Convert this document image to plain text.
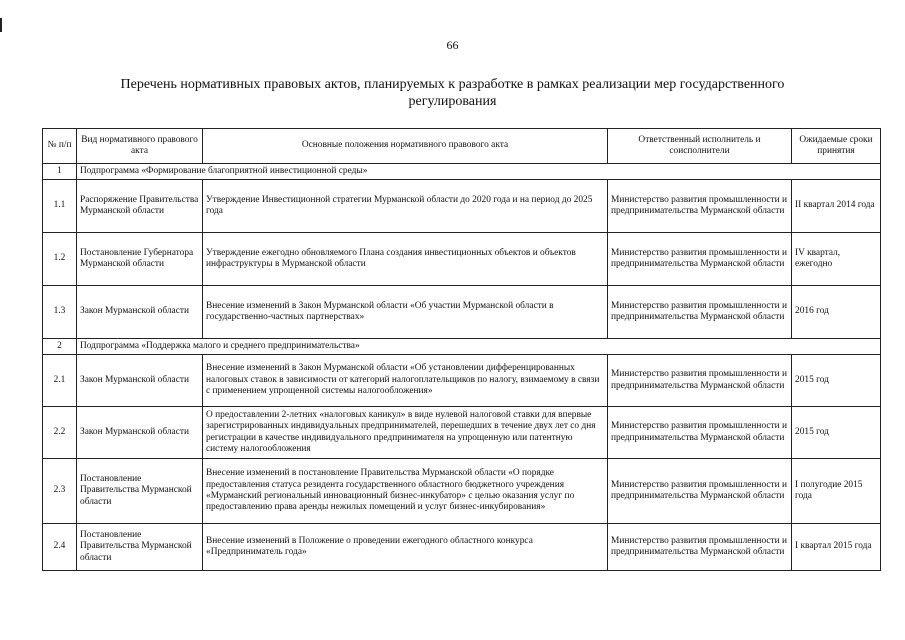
66
Перечень нормативных правовых актов, планируемых к разработке в рамках реализации мер государственного
регулирования
№ п/п	Вид нормативного правового акта	Основные положения нормативного правового акта	Ответственный исполнитель и соисполнители	Ожидаемые сроки принятия
1	Подпрограмма «Формирование благоприятной инвестиционной среды»			
1.1	Распоряжение Правительства Мурманской области	Утверждение Инвестиционной стратегии Мурманской области до 2020 года и на период до 2025 года	Министерство развития промышленности и предпринимательства Мурманской области	II квартал 2014 года
1.2	Постановление Губернатора Мурманской области	Утверждение ежегодно обновляемого Плана создания инвестиционных объектов и объектов инфраструктуры в Мурманской области	Министерство развития промышленности и предпринимательства Мурманской области	IV квартал, ежегодно
1.3	Закон Мурманской области	Внесение изменений в Закон Мурманской области «Об участии Мурманской области в государственно-частных партнерствах»	Министерство развития промышленности и предпринимательства Мурманской области	2016 год
2	Подпрограмма «Поддержка малого и среднего предпринимательства»			
2.1	Закон Мурманской области	Внесение изменений в Закон Мурманской области «Об установлении дифференцированных налоговых ставок в зависимости от категорий налогоплательщиков по налогу, взимаемому в связи с применением упрощенной системы налогообложения»	Министерство развития промышленности и предпринимательства Мурманской области	2015 год
2.2	Закон Мурманской области	О предоставлении 2-летних «налоговых каникул» в виде нулевой налоговой ставки для впервые зарегистрированных индивидуальных предпринимателей, перешедших в течение двух лет со дня регистрации в качестве индивидуального предпринимателя на упрощенную или патентную систему налогообложения	Министерство развития промышленности и предпринимательства Мурманской области	2015 год
2.3	Постановление Правительства Мурманской области	Внесение изменений в постановление Правительства Мурманской области «О порядке предоставления статуса резидента государственного областного бюджетного учреждения «Мурманский региональный инновационный бизнес-инкубатор» с целью оказания услуг по предоставлению права аренды нежилых помещений и услуг бизнес-инкубирования»	Министерство развития промышленности и предпринимательства Мурманской области	I полугодие 2015 года
2.4	Постановление Правительства Мурманской области	Внесение изменений в Положение о проведении ежегодного областного конкурса «Предприниматель года»	Министерство развития промышленности и предпринимательства Мурманской области	I квартал 2015 года
